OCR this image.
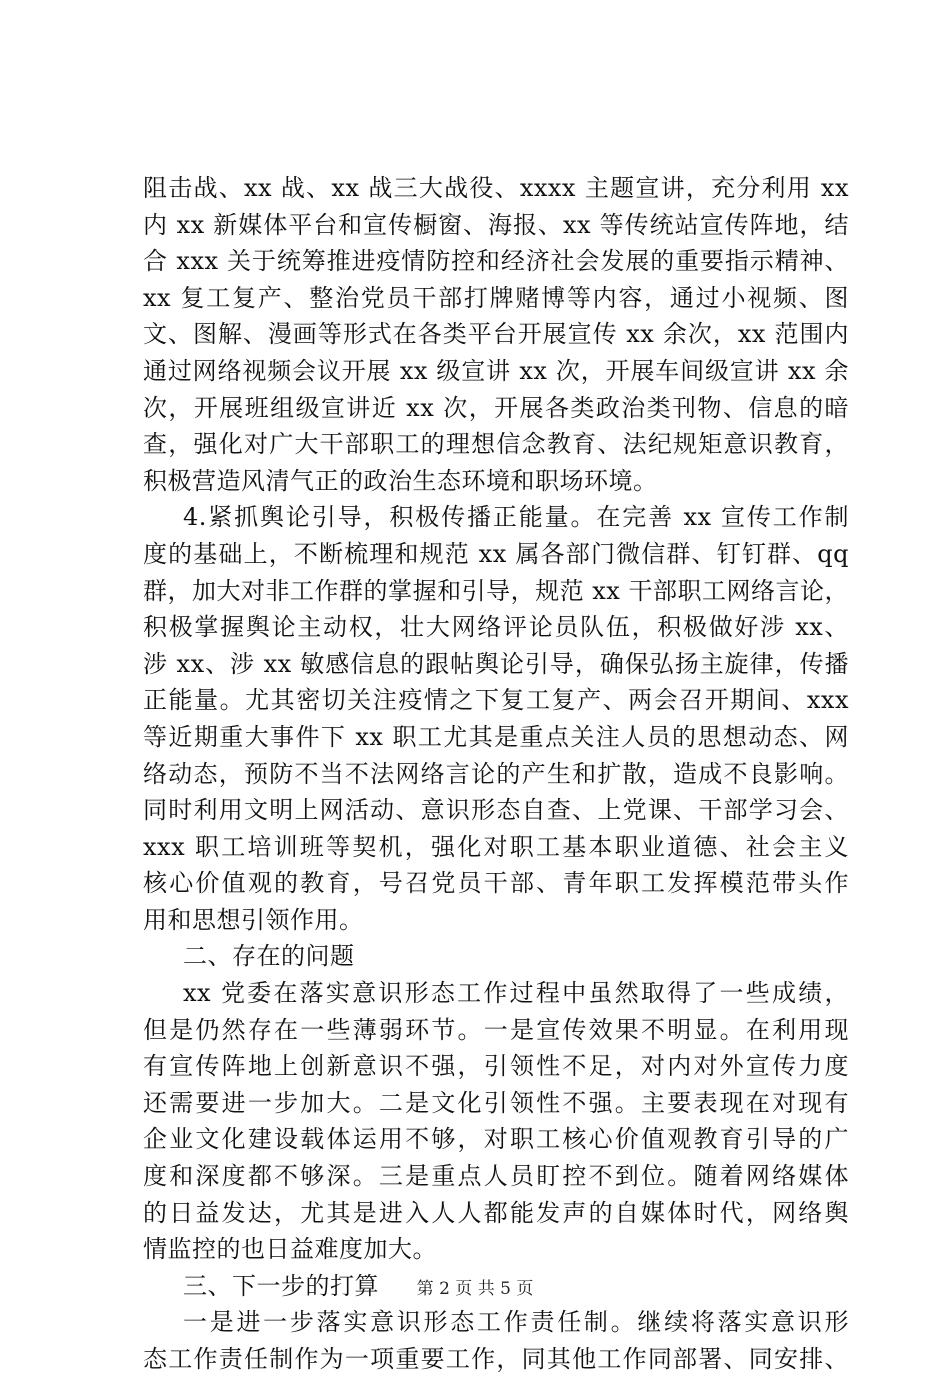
阻击战、xx 战、xx 战三大战役、xxxx 主题宣讲，充分利用 xx
内 xx 新媒体平台和宣传橱窗、海报、xx 等传统站宣传阵地，结
合 xxx 关于统筹推进疫情防控和经济社会发展的重要指示精神、
xx 复工复产、整治党员干部打牌赌博等内容，通过小视频、图
文、图解、漫画等形式在各类平台开展宣传 xx 余次，xx 范围内
通过网络视频会议开展 xx 级宣讲 xx 次，开展车间级宣讲 xx 余
次，开展班组级宣讲近 xx 次，开展各类政治类刊物、信息的暗
查，强化对广大干部职工的理想信念教育、法纪规矩意识教育，
积极营造风清气正的政治生态环境和职场环境。
4.紧抓舆论引导，积极传播正能量。在完善 xx 宣传工作制
度的基础上，不断梳理和规范 xx 属各部门微信群、钉钉群、qq
群，加大对非工作群的掌握和引导，规范 xx 干部职工网络言论，
积极掌握舆论主动权，壮大网络评论员队伍，积极做好涉 xx、
涉 xx、涉 xx 敏感信息的跟帖舆论引导，确保弘扬主旋律，传播
正能量。尤其密切关注疫情之下复工复产、两会召开期间、xxx
等近期重大事件下 xx 职工尤其是重点关注人员的思想动态、网
络动态，预防不当不法网络言论的产生和扩散，造成不良影响。
同时利用文明上网活动、意识形态自查、上党课、干部学习会、
xxx 职工培训班等契机，强化对职工基本职业道德、社会主义
核心价值观的教育，号召党员干部、青年职工发挥模范带头作
用和思想引领作用。
二、存在的问题
xx 党委在落实意识形态工作过程中虽然取得了一些成绩，
但是仍然存在一些薄弱环节。一是宣传效果不明显。在利用现
有宣传阵地上创新意识不强，引领性不足，对内对外宣传力度
还需要进一步加大。二是文化引领性不强。主要表现在对现有
企业文化建设载体运用不够，对职工核心价值观教育引导的广
度和深度都不够深。三是重点人员盯控不到位。随着网络媒体
的日益发达，尤其是进入人人都能发声的自媒体时代，网络舆
情监控的也日益难度加大。
三、下一步的打算
一是进一步落实意识形态工作责任制。继续将落实意识形
态工作责任制作为一项重要工作，同其他工作同部署、同安排、
第 2 页 共 5 页
